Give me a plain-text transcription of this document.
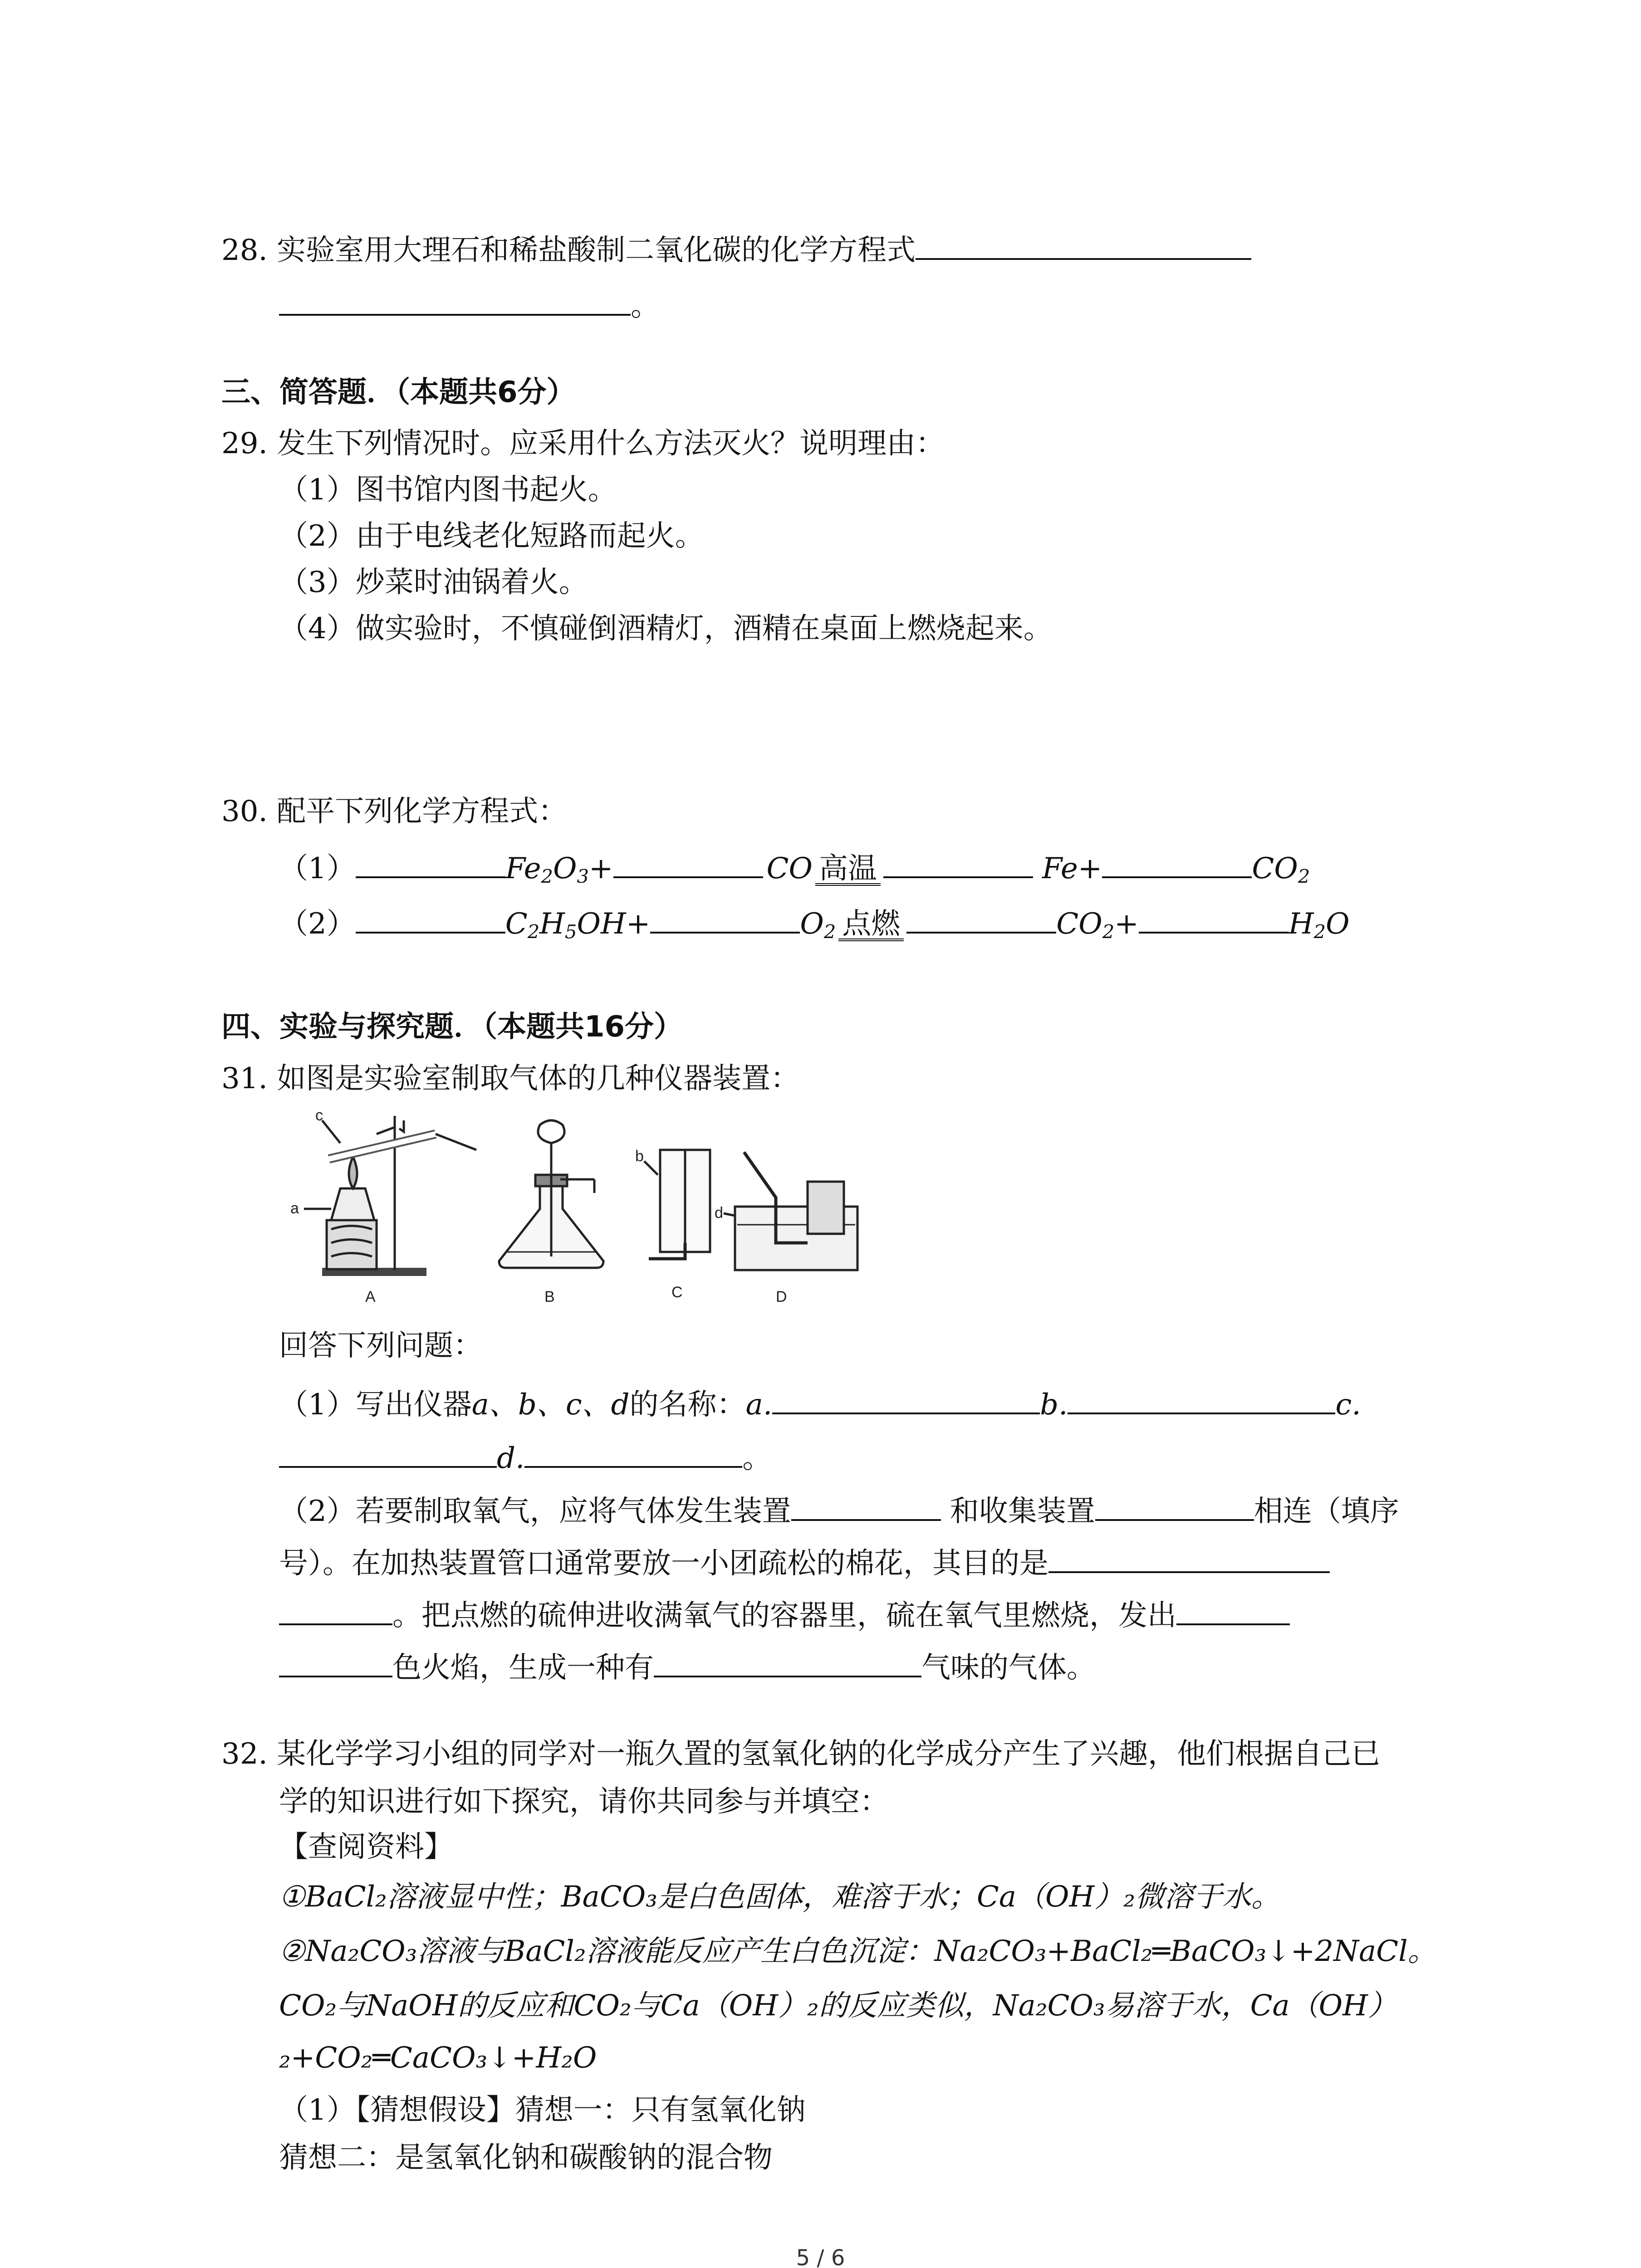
28. 实验室用大理石和稀盐酸制二氧化碳的化学方程式
。
三、简答题．（本题共6分）
29. 发生下列情况时。应采用什么方法灭火？说明理由：
（1）图书馆内图书起火。
（2）由于电线老化短路而起火。
（3）炒菜时油锅着火。
（4）做实验时，不慎碰倒酒精灯，酒精在桌面上燃烧起来。
30. 配平下列化学方程式：
（1）	$Fe_2O_3+$	CO 高温	Fe+	$CO_2$
（2）	$C_2H_5OH+$	$O_2$ 点燃	$CO_2+$	$H_2O$
四、实验与探究题．（本题共16分）
31. 如图是实验室制取气体的几种仪器装置：
c
a
b
d
A	B	C	D
回答下列问题：
（1）写出仪器a、b、c、d的名称：a.	b.	c.
d.	。
（2）若要制取氧气，应将气体发生装置	和收集装置	相连（填序
号）。在加热装置管口通常要放一小团疏松的棉花，其目的是
。把点燃的硫伸进收满氧气的容器里，硫在氧气里燃烧，发出
色火焰，生成一种有	气味的气体。
32. 某化学学习小组的同学对一瓶久置的氢氧化钠的化学成分产生了兴趣，他们根据自己已
学的知识进行如下探究，请你共同参与并填空：
【查阅资料】
①BaCl₂溶液显中性；BaCO₃是白色固体，难溶于水；Ca（OH）₂微溶于水。
②Na₂CO₃溶液与BaCl₂溶液能反应产生白色沉淀：Na₂CO₃+BaCl₂═BaCO₃↓+2NaCl。
CO₂与NaOH的反应和CO₂与Ca（OH）₂的反应类似，Na₂CO₃易溶于水，Ca（OH）
₂+CO₂═CaCO₃↓+H₂O
（1）【猜想假设】猜想一：只有氢氧化钠
猜想二：是氢氧化钠和碳酸钠的混合物
5 / 6
